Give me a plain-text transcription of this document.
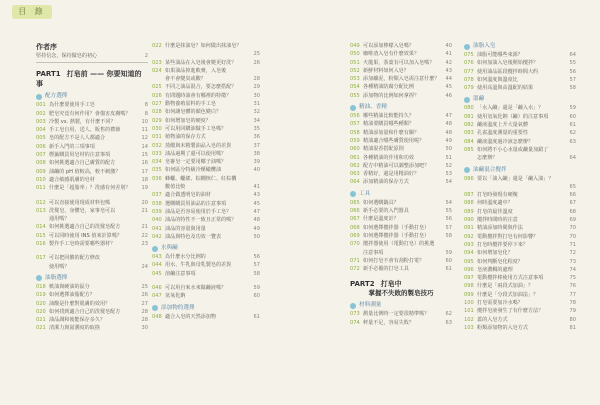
目 錄
作者序
堅持信念，保持做皂的初心	2
PART1 打皂前 —— 你要知道的事
配方選擇
001 為什麼要使用手工皂	8
002 肥皂究竟有何作用？會傷害皮膚嗎？	8
003 冷製 vs. 熱製，有什麼不同？	10
004 手工皂自用、送人、販售的禮節	11
005 皂的配方不是人人都適合	12
006 新手入門的三項事項	14
007 標籤購買用皂材的注意事項	15
008 如何挑選適合自己膚質的配方	16
009 油鹼的 pH 值較高，較不刺激？	17
010 適合敏感肌膚的皂材	18
011 什麼是「超脂率」？洗感有何差別？	19
012 可以直接使用現成材料包嗎	20
013 洗髮皂，身體皂，家事皂可以	21
通用嗎？
014 如何挑選適合自己的洗髮皂配方	21
015 可以同時使用 INS 值來計算嗎？	22
016 製作手工皂時需要哪些器材？	23
017 可以把回饋的配方修改
使用嗎？	24
油脂選擇
018 軟油與硬油的區分	25
019 如何選擇油脂配方？	26
020 油酸是什麼對肌膚的效用？	27
020 如何找到適合自己的洗髮皂配方	28
021 油品調和後能保存多久？	28
021 清潔力與滋潤度的取捨	30
022 什麼是抹油皂？如何做出抹油皂？
25
023 某些油品在入皂後會變更好洗？	26
024 如果油品掉進軟膏，入皂後
會不會變臭或酸？	28
025 不同之油品混合，要怎麼搭配？	29
026 有問題時油會有哪裡的特徵？	30
027 動物養殖原料的手工皂	31
028 如何讓皂體的顏色變白？	32
029 如何增加皂的硬度？	34
030 可以用回購油做手工皂嗎？	35
031 植物油的保存方式	36
032 蒸餾與未精製油品入皂的差異	37
033 油品過期了還可以使用嗎？	38
034 皂審皂一定要用椰子油嗎？	39
035 如何區分特級冷壓橄欖油	40
036 蜂蠟、蠟烯、棕櫚核仁、紅棕櫚
數值比較	41
037 適合做透明皂的油材	43
038 選購購買用油品的注意事項	45
039 油品是否容易使用於手工皂？	47
040 油品的特性不一致且正常的嗎？	48
041 油品的容量與用量	49
042 油品與特色及功效一覽表	50
水與鹼
043 為什麼水分比例的	56
044 用水，牛乳與母乳製皂的差異	57
045 溶鹼注意事項	58
046 可以用自來水來做鹼液嗎？	59
047 氫氧化鈉	60
添加物的選擇
048 適合入皂的天然添加物	61
049 可以添加檸檬入皂嗎？	40
050 咖啡渣入皂有什麼效果？	41
051 火龍果，茶葉有可以加入皂嗎？	42
052 新鮮材料如何入皂？	43
053 添加礦泥，粉類入皂需注意什麼？	44
054 各種精油防腐分配比例	45
055 添加物的比例如何拿捏？	46
精油、香精
056 哪些精油比較能持久？	47
057 精油要購買哪些種類？	48
058 精油添加量和什麼有關？	48
059 精油適合哪些膚質使用呢？	49
060 精油混香搭配原則	50
061 各種精油的作用和功效	51
062 配方中精油可以調整添加吧？	52
063 香精好，還是用精油好？	53
064 添加精油的保存方式	54
工具
065 如何選購鍋具？	54
066 新手必要的入門器具	55
067 什麼是溫度計？	56
068 如何選擇攪拌器（手動打皂）	57
069 如何選擇攪拌器（手動打皂）	58
070 攪拌器使用（電動打皂）的挑選
注意事項	59
071 如何打皂不會有刮粉打電？	60
072 新手必備的打皂工具	61
PART2 打皂中
掌握不失敗的製皂技巧
材料測量
073 測量比例時一定要很精準嗎？	62
074 秤量不足，容易失敗？	63
油脂入皂
075 油脂可能哪些來源？	64
076 如何加油入皂後開始攪拌？	55
077 使用油品區段攪拌時間大约	56
078 如何溫度與溫度比	57
079 使用高溫與高溫配的結果	58
溫鹼
080 「水入鹼」還是「鹼入水」？	59
081 使用氫氧化鈉（鹼）的注意事項	60
082 鹼液溫度上升大量氣體	61
083 孔雀溫度測量的重要性	62
084 鹼液溫度過冷該怎麼辦？	63
085 如何將不小心水量或鹼量加錯了
怎麼辦？	64
油鹼混合攪拌
086 要以「油入鹼」還是「鹼入油」？
65
087 打皂時發現有硬塊	66
088 何時溫度適中？	67
089 打皂的最佳溫度	68
090 攪拌時間時的注意	69
091 精油添加時間與作法	70
092 電動攪拌對打皂有何影響？	70
093 打皂時攪拌要停下來？	71
094 如何增加皂化？	72
095 如何判斷皂化程度？	73
096 皂液濃稠的處理	74
097 電動攪拌棒使用方式注意事項	75
098 什麼是「兩段式加油」？	76
099 什麼是「分段式加油法」？	77
100 打皂需要加冷水嗎？	78
101 攪拌皂液發生了有什麼方法？	79
102 蓋的入皂方式	80
103 粉類添加物的入皂方式	81
